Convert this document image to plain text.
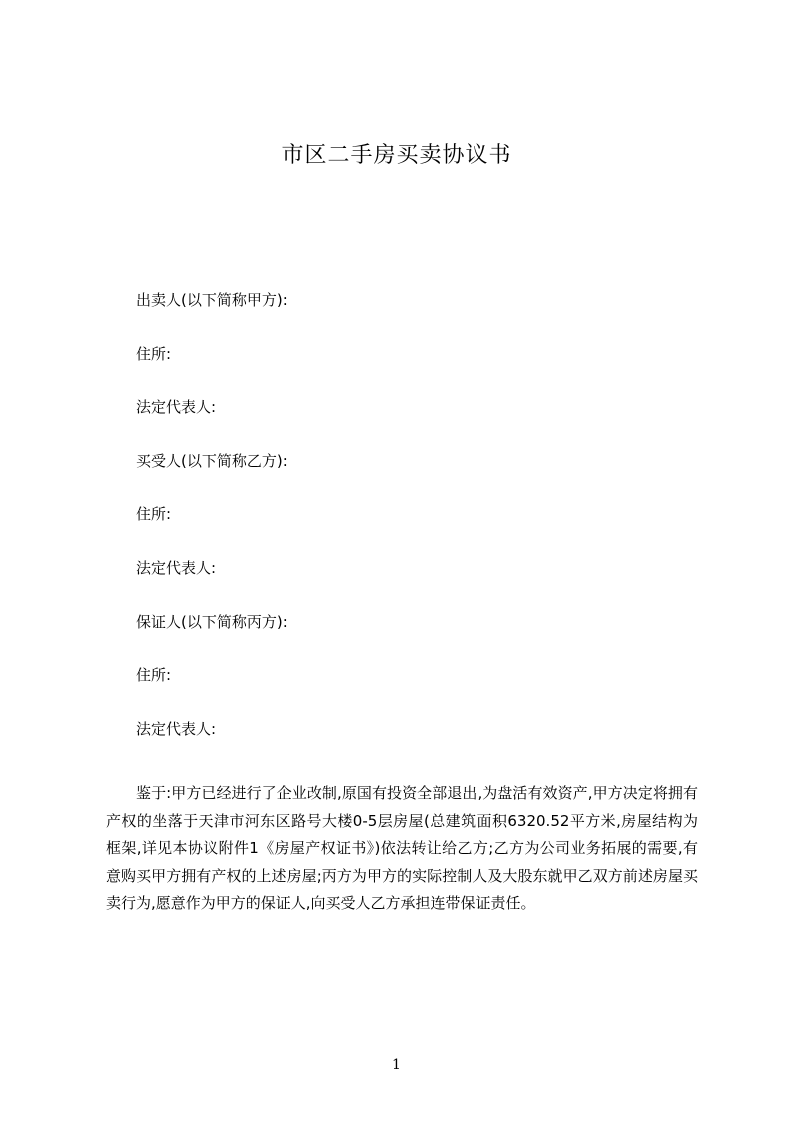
市区二手房买卖协议书
出卖人(以下简称甲方):
住所:
法定代表人:
买受人(以下简称乙方):
住所:
法定代表人:
保证人(以下简称丙方):
住所:
法定代表人:

鉴于:甲方已经进行了企业改制,原国有投资全部退出,为盘活有效资产,甲方决定将拥有产权的坐落于天津市河东区路号大楼0-5层房屋(总建筑面积6320.52平方米,房屋结构为框架,详见本协议附件1《房屋产权证书》)依法转让给乙方;乙方为公司业务拓展的需要,有意购买甲方拥有产权的上述房屋;丙方为甲方的实际控制人及大股东就甲乙双方前述房屋买卖行为,愿意作为甲方的保证人,向买受人乙方承担连带保证责任。

1
